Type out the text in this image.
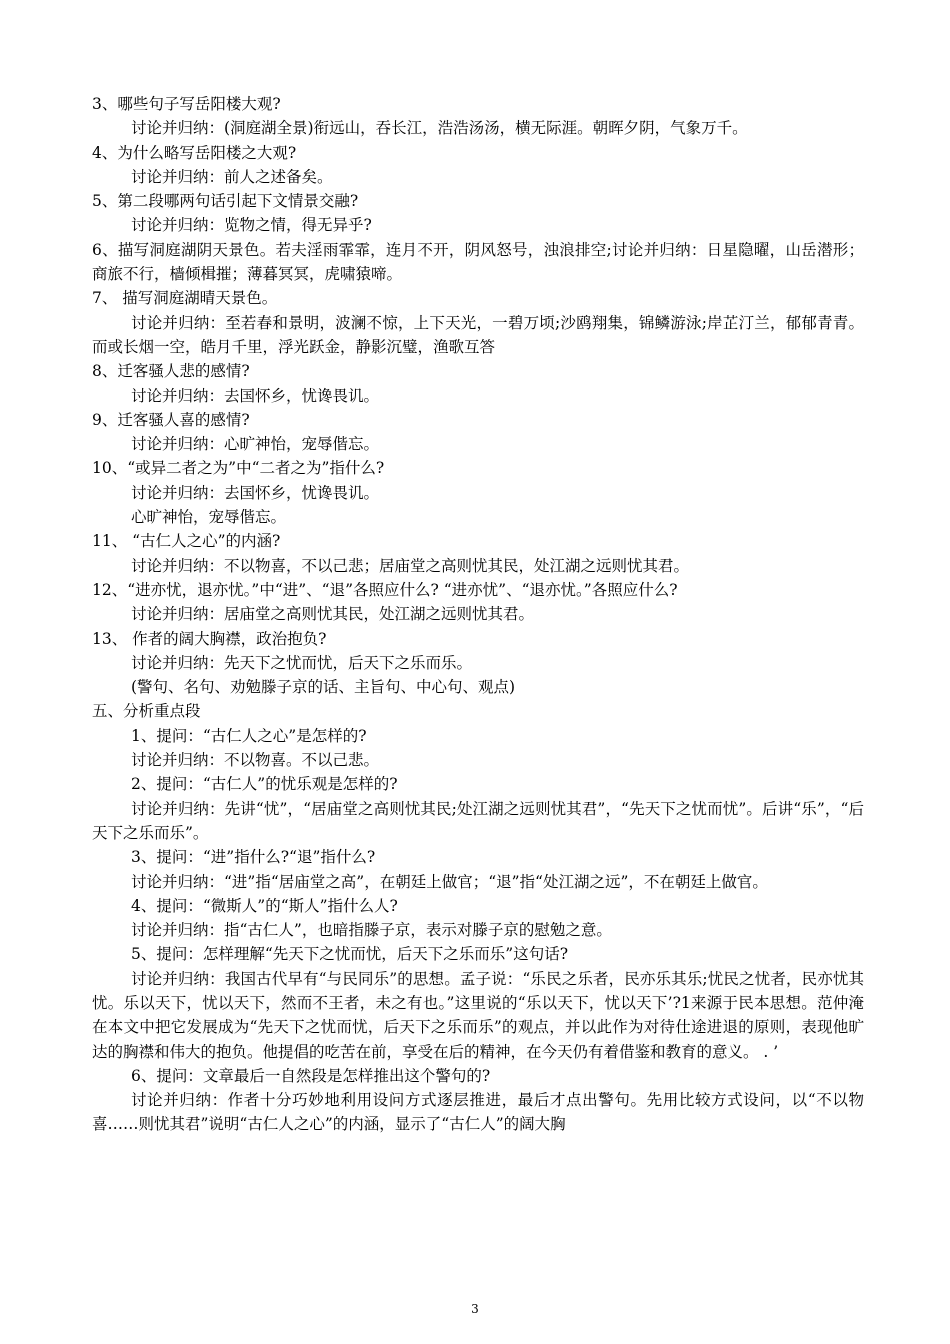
3、哪些句子写岳阳楼大观?
讨论并归纳：(洞庭湖全景)衔远山，吞长江，浩浩汤汤，横无际涯。朝晖夕阴，气象万千。
4、为什么略写岳阳楼之大观?
讨论并归纳：前人之述备矣。
5、第二段哪两句话引起下文情景交融?
讨论并归纳：览物之情，得无异乎?
6、描写洞庭湖阴天景色。若夫淫雨霏霏，连月不开，阴风怒号，浊浪排空;讨论并归纳：日星隐曜，山岳潜形；商旅不行，樯倾楫摧；薄暮冥冥，虎啸猿啼。
7、 描写洞庭湖晴天景色。
讨论并归纳：至若春和景明，波澜不惊，上下天光，一碧万顷;沙鸥翔集，锦鳞游泳;岸芷汀兰，郁郁青青。而或长烟一空，皓月千里，浮光跃金，静影沉璧，渔歌互答
8、迁客骚人悲的感情?
讨论并归纳：去国怀乡，忧谗畏讥。
9、迁客骚人喜的感情?
讨论并归纳：心旷神怡，宠辱偕忘。
10、“或异二者之为”中“二者之为”指什么?
讨论并归纳：去国怀乡，忧谗畏讥。
心旷神怡，宠辱偕忘。
11、 “古仁人之心”的内涵?
讨论并归纳：不以物喜，不以己悲；居庙堂之高则忧其民，处江湖之远则忧其君。
12、“进亦忧，退亦忧。”中“进”、“退”各照应什么? “进亦忧”、“退亦忧。”各照应什么?
讨论并归纳：居庙堂之高则忧其民，处江湖之远则忧其君。
13、 作者的阔大胸襟，政治抱负?
讨论并归纳：先天下之忧而忧，后天下之乐而乐。
(警句、名句、劝勉滕子京的话、主旨句、中心句、观点)
五、分析重点段
1、提问：“古仁人之心”是怎样的?
讨论并归纳：不以物喜。不以己悲。
2、提问：“古仁人”的忧乐观是怎样的?
讨论并归纳：先讲“忧”，“居庙堂之高则忧其民;处江湖之远则忧其君”，“先天下之忧而忧”。后讲“乐”，“后天下之乐而乐”。
3、提问：“进”指什么?“退”指什么?
讨论并归纳：“进”指“居庙堂之高”，在朝廷上做官；“退”指“处江湖之远”，不在朝廷上做官。
4、提问：“微斯人”的“斯人”指什么人?
讨论并归纳：指“古仁人”，也暗指滕子京，表示对滕子京的慰勉之意。
5、提问：怎样理解“先天下之忧而忧，后天下之乐而乐”这句话?
讨论并归纳：我国古代早有“与民同乐”的思想。孟子说：“乐民之乐者，民亦乐其乐;忧民之忧者，民亦忧其忧。乐以天下，忧以天下，然而不王者，未之有也。”这里说的“乐以天下，忧以天下’?1来源于民本思想。范仲淹在本文中把它发展成为“先天下之忧而忧，后天下之乐而乐”的观点，并以此作为对待仕途进退的原则，表现他旷达的胸襟和伟大的抱负。他提倡的吃苦在前，享受在后的精神，在今天仍有着借鉴和教育的意义。 . ’
6、提问：文章最后一自然段是怎样推出这个警句的?
讨论并归纳：作者十分巧妙地利用设问方式逐层推进，最后才点出警句。先用比较方式设问，以“不以物喜……则忧其君”说明“古仁人之心”的内涵，显示了“古仁人”的阔大胸
3
